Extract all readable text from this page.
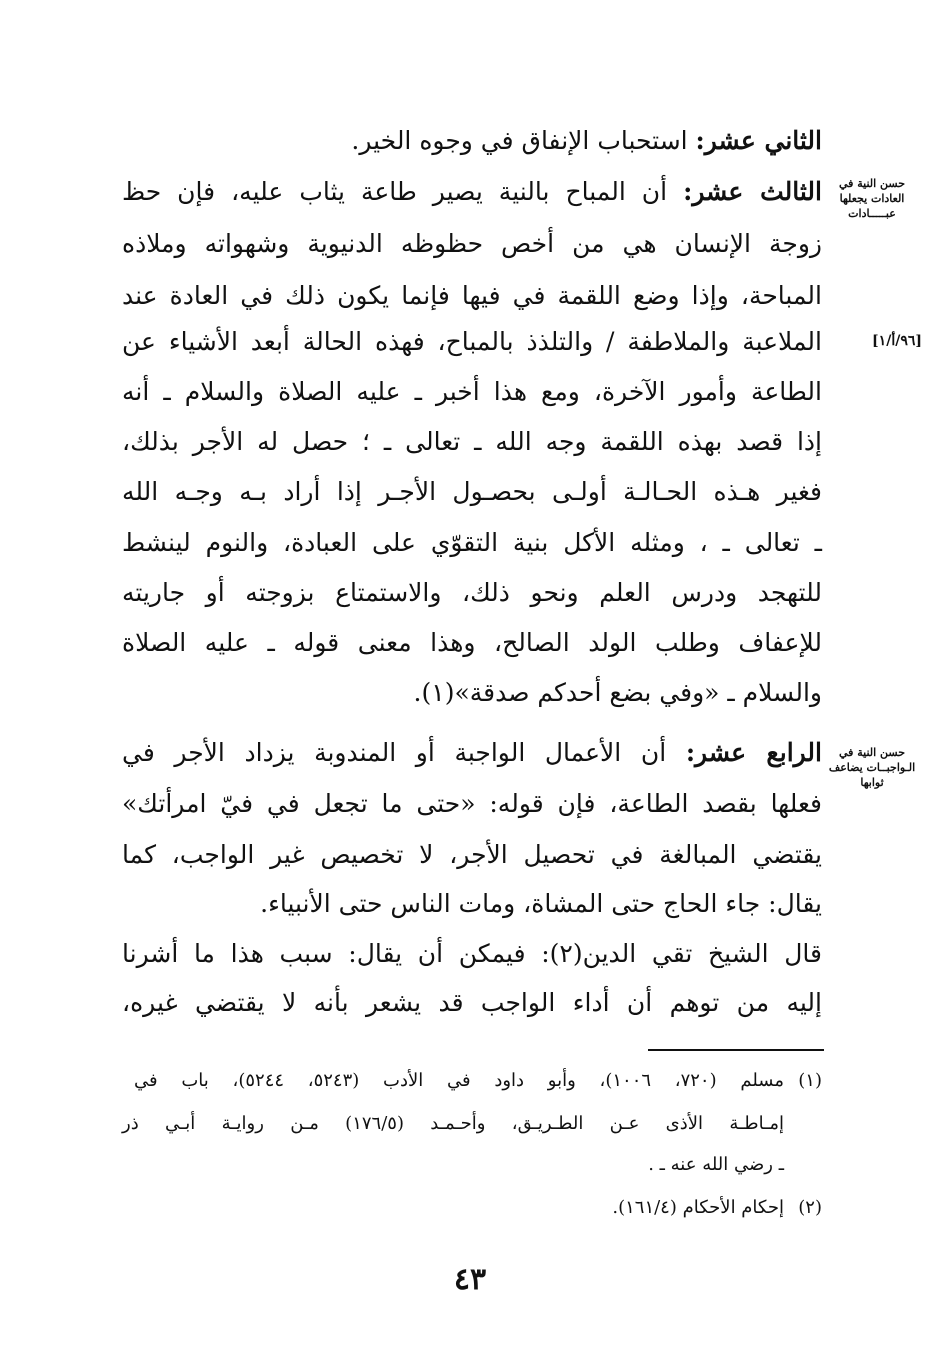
الثاني عشر: استحباب الإنفاق في وجوه الخير.
الثالث عشر: أن المباح بالنية يصير طاعة يثاب عليه، فإن حظ
زوجة الإنسان هي من أخص حظوظه الدنيوية وشهواته وملاذه
المباحة، وإذا وضع اللقمة في فيها فإنما يكون ذلك في العادة عند
الملاعبة والملاطفة / والتلذذ بالمباح، فهذه الحالة أبعد الأشياء عن
الطاعة وأمور الآخرة، ومع هذا أخبر ـ عليه الصلاة والسلام ـ أنه
إذا قصد بهذه اللقمة وجه الله ـ تعالى ـ ؛ حصل له الأجر بذلك،
فغير هـذه الحـالـة أولـى بحصـول الأجـر إذا أراد بـه وجـه الله
ـ تعالى ـ ، ومثله الأكل بنية التقوّي على العبادة، والنوم لينشط
للتهجد ودرس العلم ونحو ذلك، والاستمتاع بزوجته أو جاريته
للإعفاف وطلب الولد الصالح، وهذا معنى قوله ـ عليه الصلاة
والسلام ـ «وفي بضع أحدكم صدقة»(١).
الرابع عشر: أن الأعمال الواجبة أو المندوبة يزداد الأجر في
فعلها بقصد الطاعة، فإن قوله: «حتى ما تجعل في فيّ امرأتك»
يقتضي المبالغة في تحصيل الأجر، لا تخصيص غير الواجب، كما
يقال: جاء الحاج حتى المشاة، ومات الناس حتى الأنبياء.
قال الشيخ تقي الدين(٢): فيمكن أن يقال: سبب هذا ما أشرنا
إليه من توهم أن أداء الواجب قد يشعر بأنه لا يقتضي غيره،
حسن النية في العادات يجعلها عبـــــادات
[٩٦/أ/١]
حسن النية في الـواجبــات يضاعف ثوابها
(١)مسلم (٧٢٠، ١٠٠٦)، وأبو داود في الأدب (٥٢٤٣، ٥٢٤٤)، باب في
إمـاطـة الأذى عـن الطـريـق، وأحـمـد (١٧٦/٥) مـن روايـة أبـي ذر
ـ رضي الله عنه ـ .
(٢)إحكام الأحكام (١٦١/٤).
٤٣
